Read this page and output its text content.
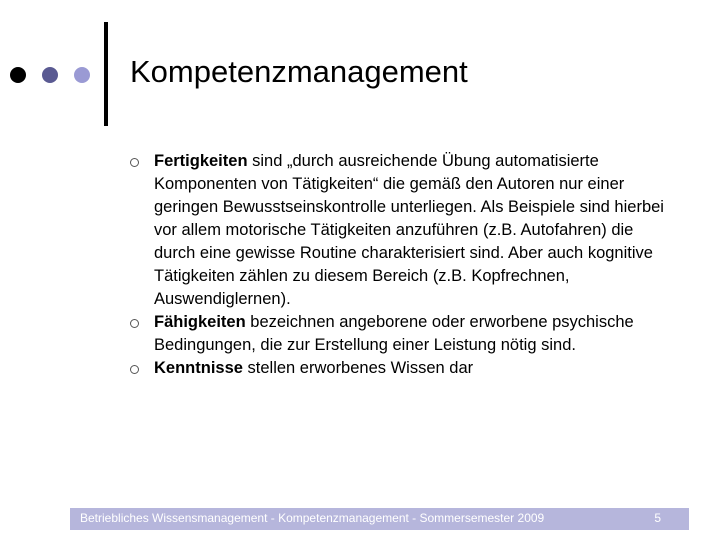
Kompetenzmanagement
Fertigkeiten sind „durch ausreichende Übung automatisierte Komponenten von Tätigkeiten“ die gemäß den Autoren nur einer geringen Bewusstseinskontrolle unterliegen. Als Beispiele sind hierbei vor allem motorische Tätigkeiten anzuführen (z.B. Autofahren) die durch eine gewisse Routine charakterisiert sind. Aber auch kognitive Tätigkeiten zählen zu diesem Bereich (z.B. Kopfrechnen, Auswendiglernen).
Fähigkeiten bezeichnen angeborene oder erworbene psychische Bedingungen, die zur Erstellung einer Leistung nötig sind.
Kenntnisse stellen erworbenes Wissen dar
Betriebliches Wissensmanagement - Kompetenzmanagement - Sommersemester 2009	5
